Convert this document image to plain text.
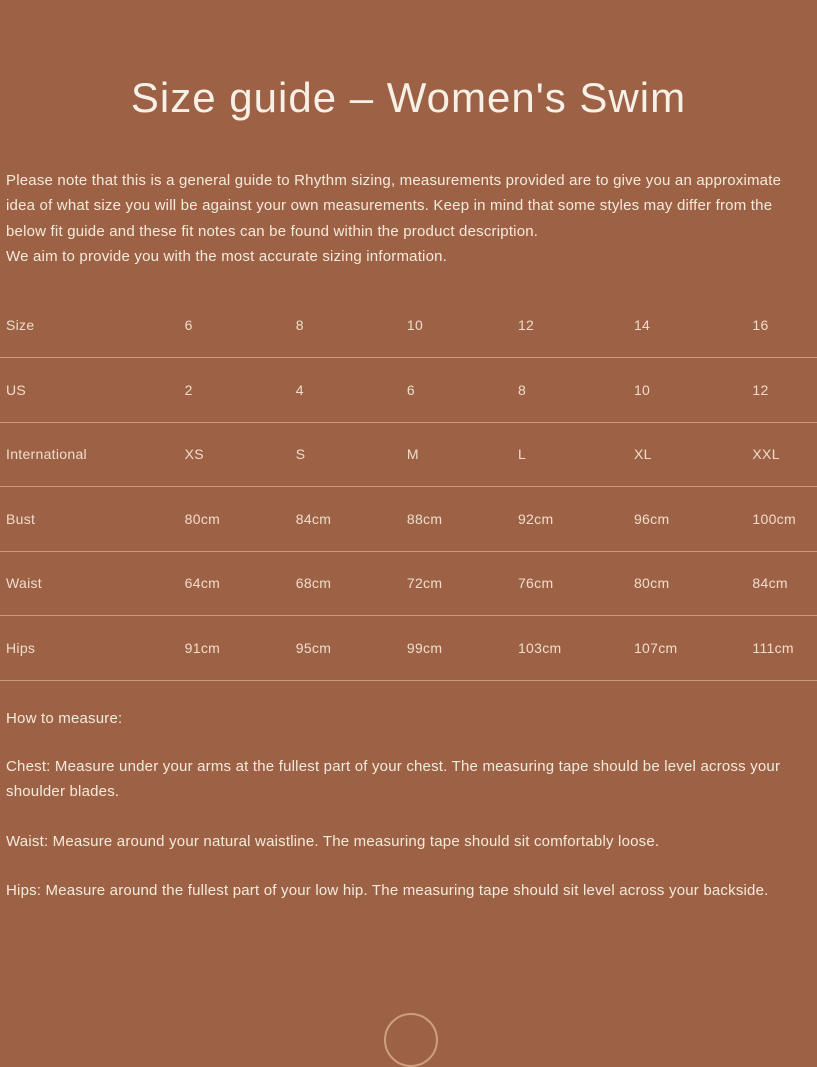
Size guide – Women's Swim

Please note that this is a general guide to Rhythm sizing, measurements provided are to give you an approximate idea of what size you will be against your own measurements. Keep in mind that some styles may differ from the below fit guide and these fit notes can be found within the product description.
We aim to provide you with the most accurate sizing information.

Size	6	8	10	12	14	16
US	2	4	6	8	10	12
International	XS	S	M	L	XL	XXL
Bust	80cm	84cm	88cm	92cm	96cm	100cm
Waist	64cm	68cm	72cm	76cm	80cm	84cm
Hips	91cm	95cm	99cm	103cm	107cm	111cm

How to measure:

Chest: Measure under your arms at the fullest part of your chest. The measuring tape should be level across your shoulder blades.

Waist: Measure around your natural waistline. The measuring tape should sit comfortably loose.

Hips: Measure around the fullest part of your low hip. The measuring tape should sit level across your backside.
